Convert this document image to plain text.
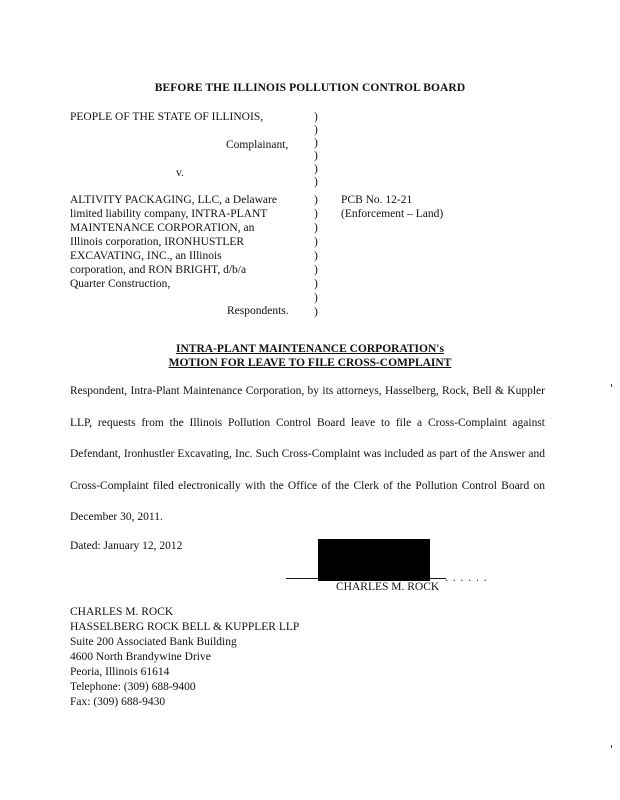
BEFORE THE ILLINOIS POLLUTION CONTROL BOARD
PEOPLE OF THE STATE OF ILLINOIS,
Complainant,
v.
ALTIVITY PACKAGING, LLC, a Delaware
limited liability company, INTRA-PLANT
MAINTENANCE CORPORATION, an
Illinois corporation, IRONHUSTLER
EXCAVATING, INC., an Illinois
corporation, and RON BRIGHT, d/b/a
Quarter Construction,
Respondents.
)
)
)
)
)
)
)
)
)
)
)
)
)
)
)
PCB No. 12-21
(Enforcement – Land)
INTRA-PLANT MAINTENANCE CORPORATION's
MOTION FOR LEAVE TO FILE CROSS-COMPLAINT
Respondent, Intra-Plant Maintenance Corporation, by its attorneys, Hasselberg, Rock, Bell & Kuppler LLP, requests from the Illinois Pollution Control Board leave to file a Cross-Complaint against Defendant, Ironhustler Excavating, Inc. Such Cross-Complaint was included as part of the Answer and Cross-Complaint filed electronically with the Office of the Clerk of the Pollution Control Board on December 30, 2011.
Dated: January 12, 2012
. . . . . .
CHARLES M. ROCK
CHARLES M. ROCK
HASSELBERG ROCK BELL & KUPPLER LLP
Suite 200 Associated Bank Building
4600 North Brandywine Drive
Peoria, Illinois 61614
Telephone: (309) 688-9400
Fax: (309) 688-9430
